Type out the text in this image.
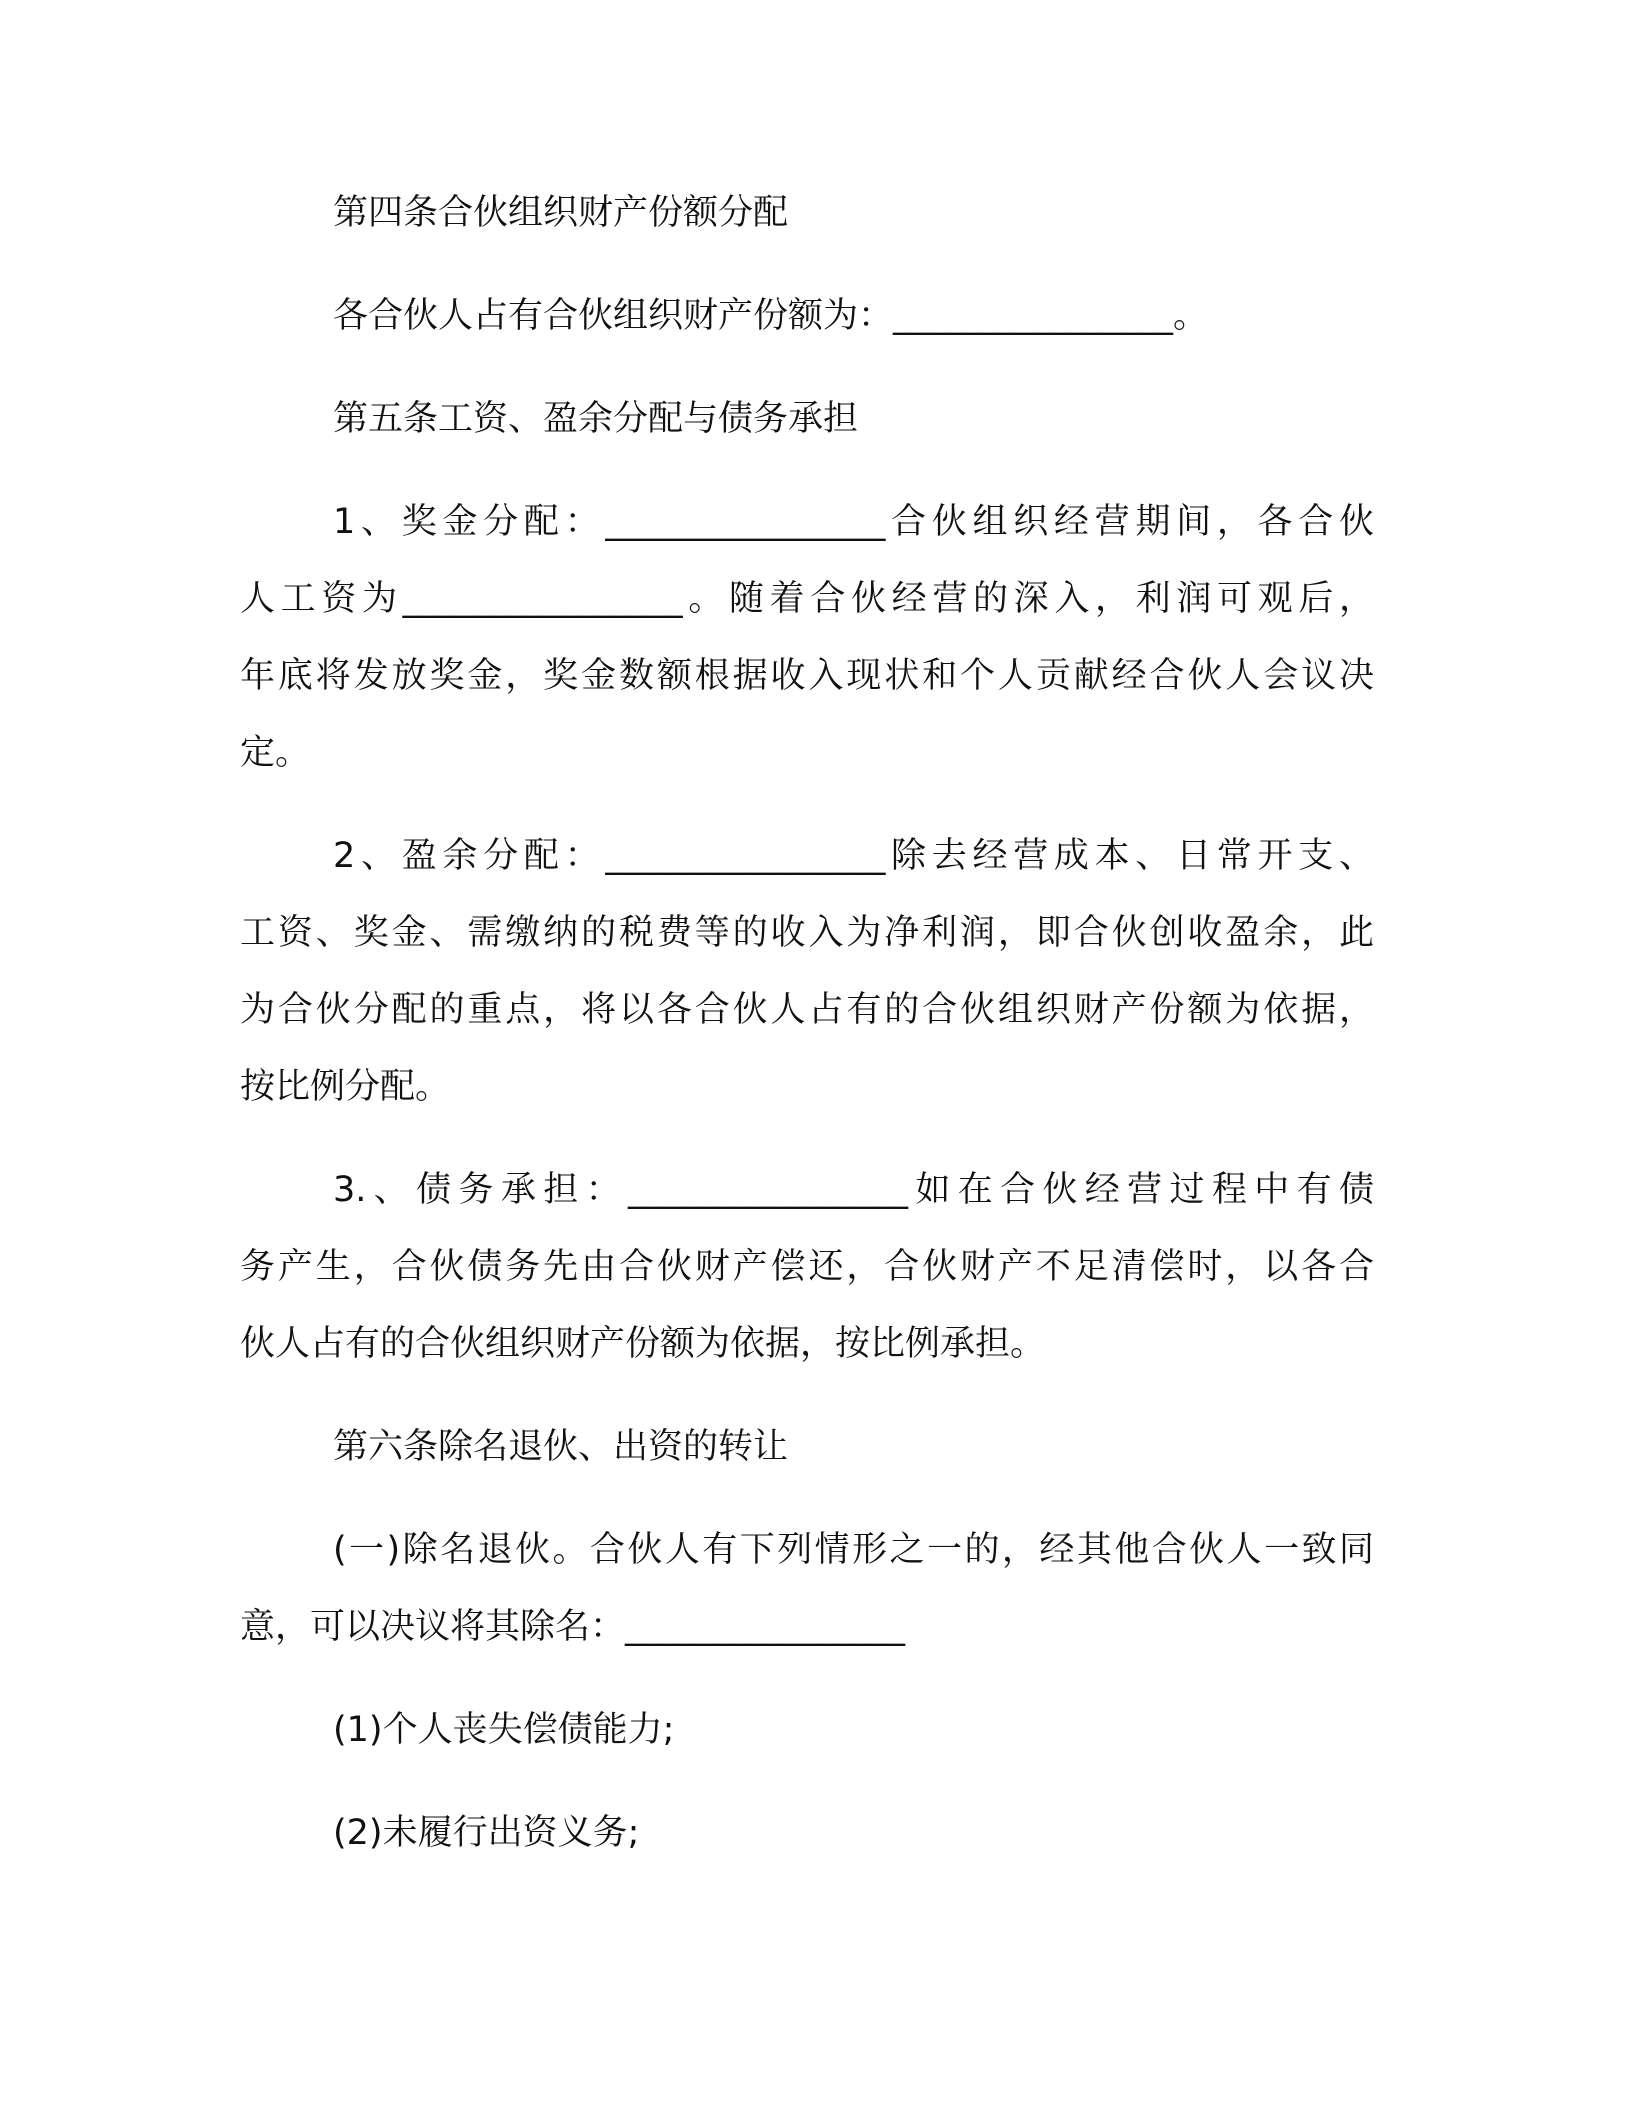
第四条合伙组织财产份额分配

各合伙人占有合伙组织财产份额为：________________。

第五条工资、盈余分配与债务承担

1、奖金分配：________________合伙组织经营期间，各合伙
人工资为________________。随着合伙经营的深入，利润可观后，
年底将发放奖金，奖金数额根据收入现状和个人贡献经合伙人会议决
定。

2、盈余分配：________________除去经营成本、日常开支、
工资、奖金、需缴纳的税费等的收入为净利润，即合伙创收盈余，此
为合伙分配的重点，将以各合伙人占有的合伙组织财产份额为依据，
按比例分配。

3.、债务承担：________________如在合伙经营过程中有债
务产生，合伙债务先由合伙财产偿还，合伙财产不足清偿时，以各合
伙人占有的合伙组织财产份额为依据，按比例承担。

第六条除名退伙、出资的转让

(一)除名退伙。合伙人有下列情形之一的，经其他合伙人一致同
意，可以决议将其除名：________________

(1)个人丧失偿债能力;

(2)未履行出资义务;
